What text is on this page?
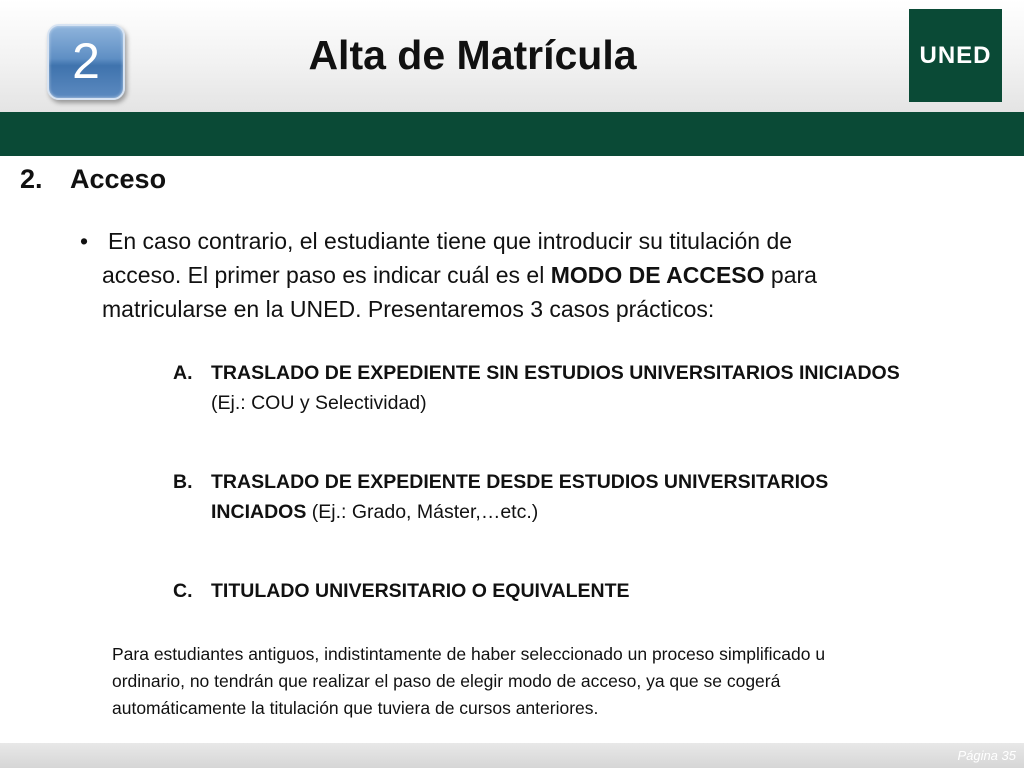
2	Alta de Matrícula	UNED
2. Acceso
• En caso contrario, el estudiante tiene que introducir su titulación de
acceso. El primer paso es indicar cuál es el MODO DE ACCESO para
matricularse en la UNED. Presentaremos 3 casos prácticos:
A. TRASLADO DE EXPEDIENTE SIN ESTUDIOS UNIVERSITARIOS INICIADOS
(Ej.: COU y Selectividad)
B. TRASLADO DE EXPEDIENTE DESDE ESTUDIOS UNIVERSITARIOS
INCIADOS (Ej.: Grado, Máster,…etc.)
C. TITULADO UNIVERSITARIO O EQUIVALENTE
Para estudiantes antiguos, indistintamente de haber seleccionado un proceso simplificado u
ordinario, no tendrán que realizar el paso de elegir modo de acceso, ya que se cogerá
automáticamente la titulación que tuviera de cursos anteriores.
Página 35
